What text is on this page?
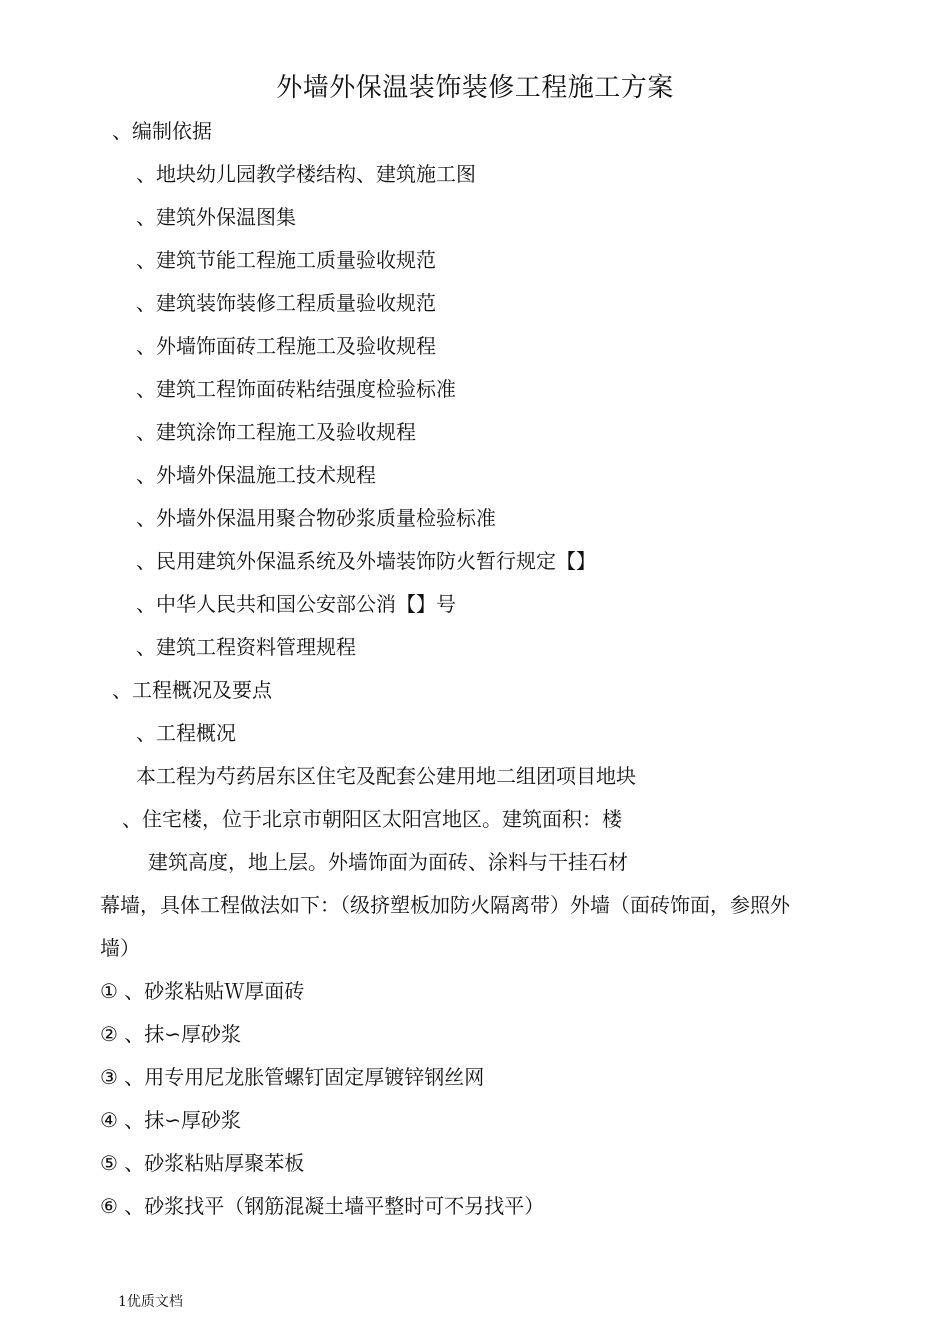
外墙外保温装饰装修工程施工方案
、编制依据
、地块幼儿园教学楼结构、建筑施工图
、建筑外保温图集
、建筑节能工程施工质量验收规范
、建筑装饰装修工程质量验收规范
、外墙饰面砖工程施工及验收规程
、建筑工程饰面砖粘结强度检验标准
、建筑涂饰工程施工及验收规程
、外墙外保温施工技术规程
、外墙外保温用聚合物砂浆质量检验标准
、民用建筑外保温系统及外墙装饰防火暂行规定【】
、中华人民共和国公安部公消【】号
、建筑工程资料管理规程
、工程概况及要点
、工程概况
本工程为芍药居东区住宅及配套公建用地二组团项目地块
、住宅楼，位于北京市朝阳区太阳宫地区。建筑面积：楼
建筑高度，地上层。外墙饰面为面砖、涂料与干挂石材
幕墙，具体工程做法如下：（级挤塑板加防火隔离带）外墙（面砖饰面，参照外
墙）
① 、砂浆粘贴Ｗ厚面砖
② 、抹∽厚砂浆
③ 、用专用尼龙胀管螺钉固定厚镀锌钢丝网
④ 、抹∽厚砂浆
⑤ 、砂浆粘贴厚聚苯板
⑥ 、砂浆找平（钢筋混凝土墙平整时可不另找平）
1优质文档
